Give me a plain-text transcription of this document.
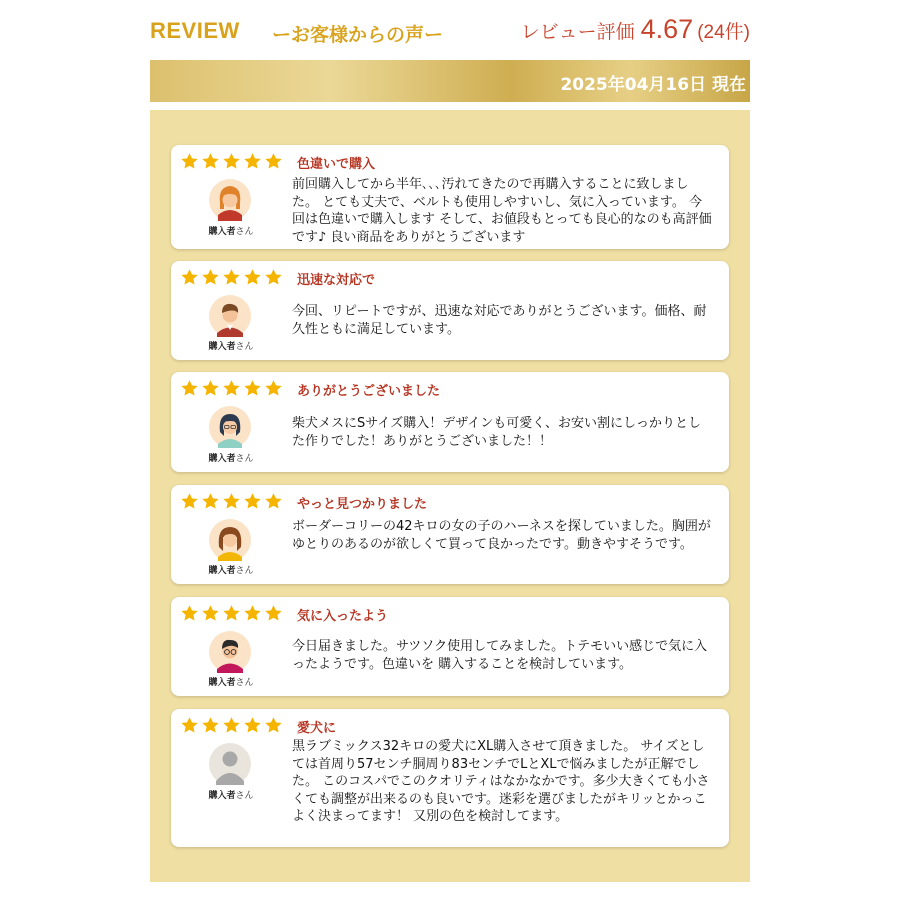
REVIEW ーお客様からの声ー	レビュー評価 4.67 (24件)
2025年04月16日 現在
色違いで購入
購入者さん
前回購入してから半年､､､汚れてきたので再購入することに致しました。 とても丈夫で、ベルトも使用しやすいし、気に入っています。 今回は色違いで購入します そして、お値段もとっても良心的なのも高評価です♪ 良い商品をありがとうございます
迅速な対応で
購入者さん
今回、リピートですが、迅速な対応でありがとうございます。価格、耐久性ともに満足しています。
ありがとうございました
購入者さん
柴犬メスにSサイズ購入！デザインも可愛く、お安い割にしっかりとした作りでした！ありがとうございました！！
やっと見つかりました
購入者さん
ボーダーコリーの42キロの女の子のハーネスを探していました。胸囲がゆとりのあるのが欲しくて買って良かったです。動きやすそうです。
気に入ったよう
購入者さん
今日届きました。サツソク使用してみました。トテモいい感じで気に入ったようです。色違いを 購入することを検討しています。
愛犬に
購入者さん
黒ラブミックス32キロの愛犬にXL購入させて頂きました。 サイズとしては首周り57センチ胴周り83センチでLとXLで悩みましたが正解でした。 このコスパでこのクオリティはなかなかです。多少大きくても小さくても調整が出来るのも良いです。迷彩を選びましたがキリッとかっこよく決まってます！ 又別の色を検討してます。
